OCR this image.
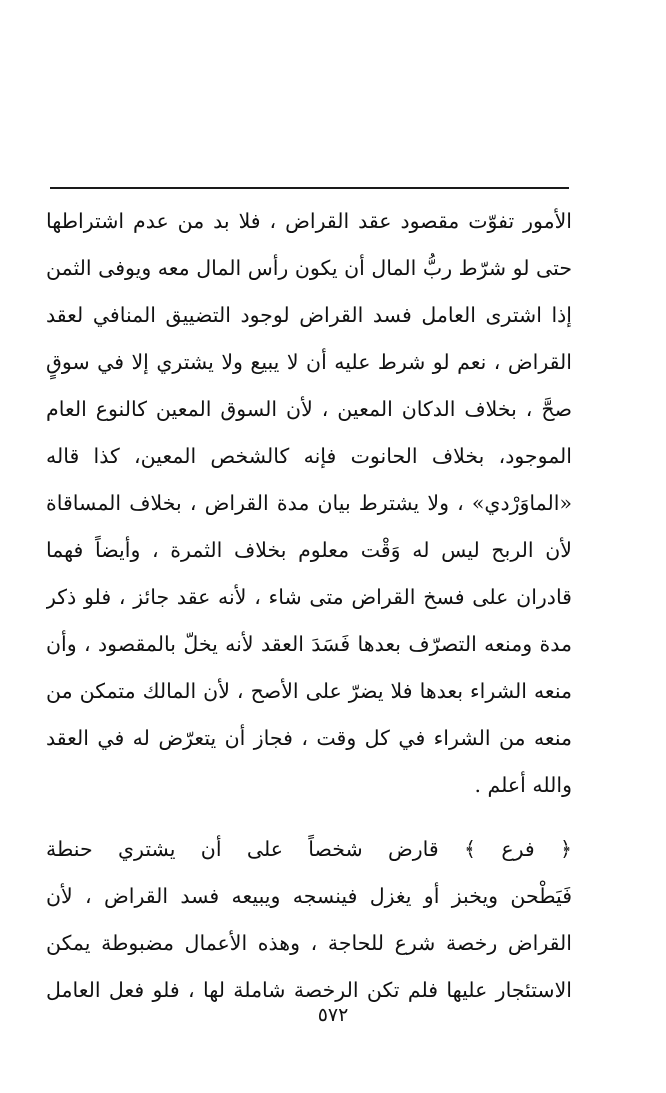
الأمور تفوّت مقصود عقد القراض ، فلا بد من عدم اشتراطها
حتى لو شرّط ربُّ المال أن يكون رأس المال معه ويوفى الثمن
إذا اشترى العامل فسد القراض لوجود التضييق المنافي لعقد
القراض ، نعم لو شرط عليه أن لا يبيع ولا يشتري إلا في سوقٍ
صحَّ ، بخلاف الدكان المعين ، لأن السوق المعين كالنوع العام
الموجود، بخلاف الحانوت فإنه كالشخص المعين، كذا قاله
«الماوَرْدي» ، ولا يشترط بيان مدة القراض ، بخلاف المساقاة
لأن الربح ليس له وَقْت معلوم بخلاف الثمرة ، وأيضاً فهما
قادران على فسخ القراض متى شاء ، لأنه عقد جائز ، فلو ذكر
مدة ومنعه التصرّف بعدها فَسَدَ العقد لأنه يخلّ بالمقصود ، وأن
منعه الشراء بعدها فلا يضرّ على الأصح ، لأن المالك متمكن من
منعه من الشراء في كل وقت ، فجاز أن يتعرّض له في العقد
والله أعلم .
﴿ فرع ﴾ قارض شخصاً على أن يشتري حنطة
فَيَطْحن ويخبز أو يغزل فينسجه ويبيعه فسد القراض ، لأن
القراض رخصة شرع للحاجة ، وهذه الأعمال مضبوطة يمكن
الاستئجار عليها فلم تكن الرخصة شاملة لها ، فلو فعل العامل
٥٧٢
